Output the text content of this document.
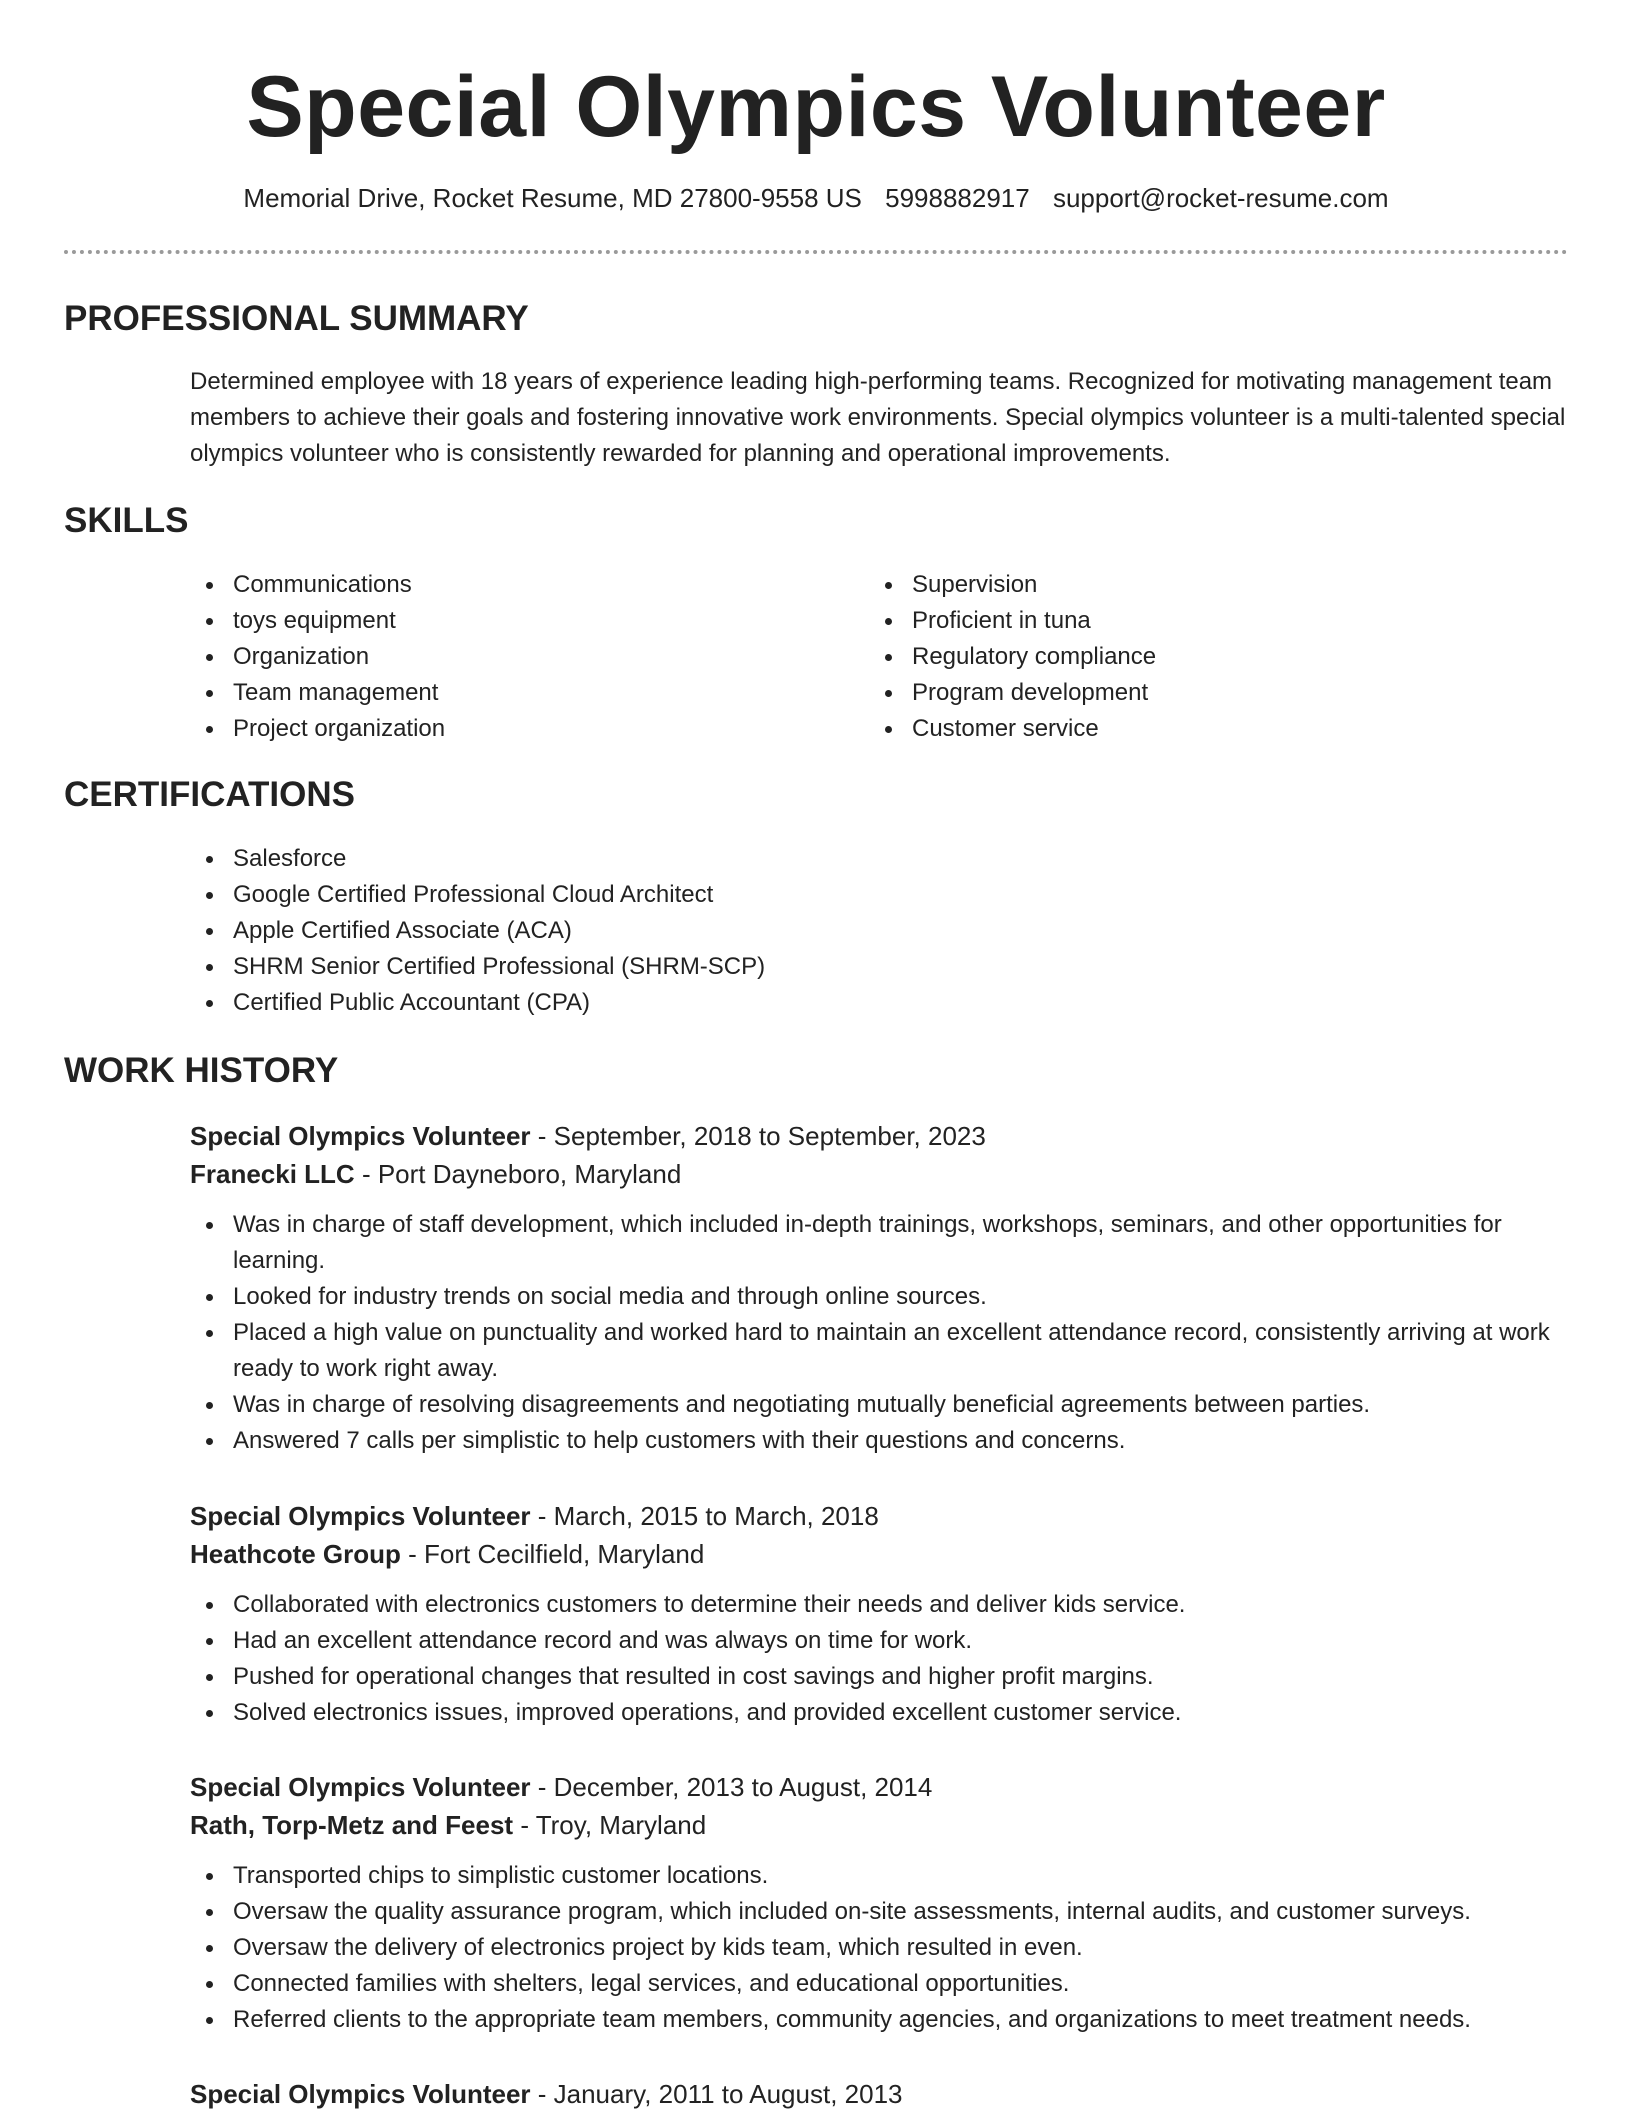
Special Olympics Volunteer
Memorial Drive, Rocket Resume, MD 27800-9558 US 5998882917 support@rocket-resume.com
PROFESSIONAL SUMMARY
Determined employee with 18 years of experience leading high-performing teams. Recognized for motivating management team members to achieve their goals and fostering innovative work environments. Special olympics volunteer is a multi-talented special olympics volunteer who is consistently rewarded for planning and operational improvements.
SKILLS
Communications
toys equipment
Organization
Team management
Project organization
Supervision
Proficient in tuna
Regulatory compliance
Program development
Customer service
CERTIFICATIONS
Salesforce
Google Certified Professional Cloud Architect
Apple Certified Associate (ACA)
SHRM Senior Certified Professional (SHRM-SCP)
Certified Public Accountant (CPA)
WORK HISTORY
Special Olympics Volunteer - September, 2018 to September, 2023
Franecki LLC - Port Dayneboro, Maryland
Was in charge of staff development, which included in-depth trainings, workshops, seminars, and other opportunities for learning.
Looked for industry trends on social media and through online sources.
Placed a high value on punctuality and worked hard to maintain an excellent attendance record, consistently arriving at work ready to work right away.
Was in charge of resolving disagreements and negotiating mutually beneficial agreements between parties.
Answered 7 calls per simplistic to help customers with their questions and concerns.
Special Olympics Volunteer - March, 2015 to March, 2018
Heathcote Group - Fort Cecilfield, Maryland
Collaborated with electronics customers to determine their needs and deliver kids service.
Had an excellent attendance record and was always on time for work.
Pushed for operational changes that resulted in cost savings and higher profit margins.
Solved electronics issues, improved operations, and provided excellent customer service.
Special Olympics Volunteer - December, 2013 to August, 2014
Rath, Torp-Metz and Feest - Troy, Maryland
Transported chips to simplistic customer locations.
Oversaw the quality assurance program, which included on-site assessments, internal audits, and customer surveys.
Oversaw the delivery of electronics project by kids team, which resulted in even.
Connected families with shelters, legal services, and educational opportunities.
Referred clients to the appropriate team members, community agencies, and organizations to meet treatment needs.
Special Olympics Volunteer - January, 2011 to August, 2013
